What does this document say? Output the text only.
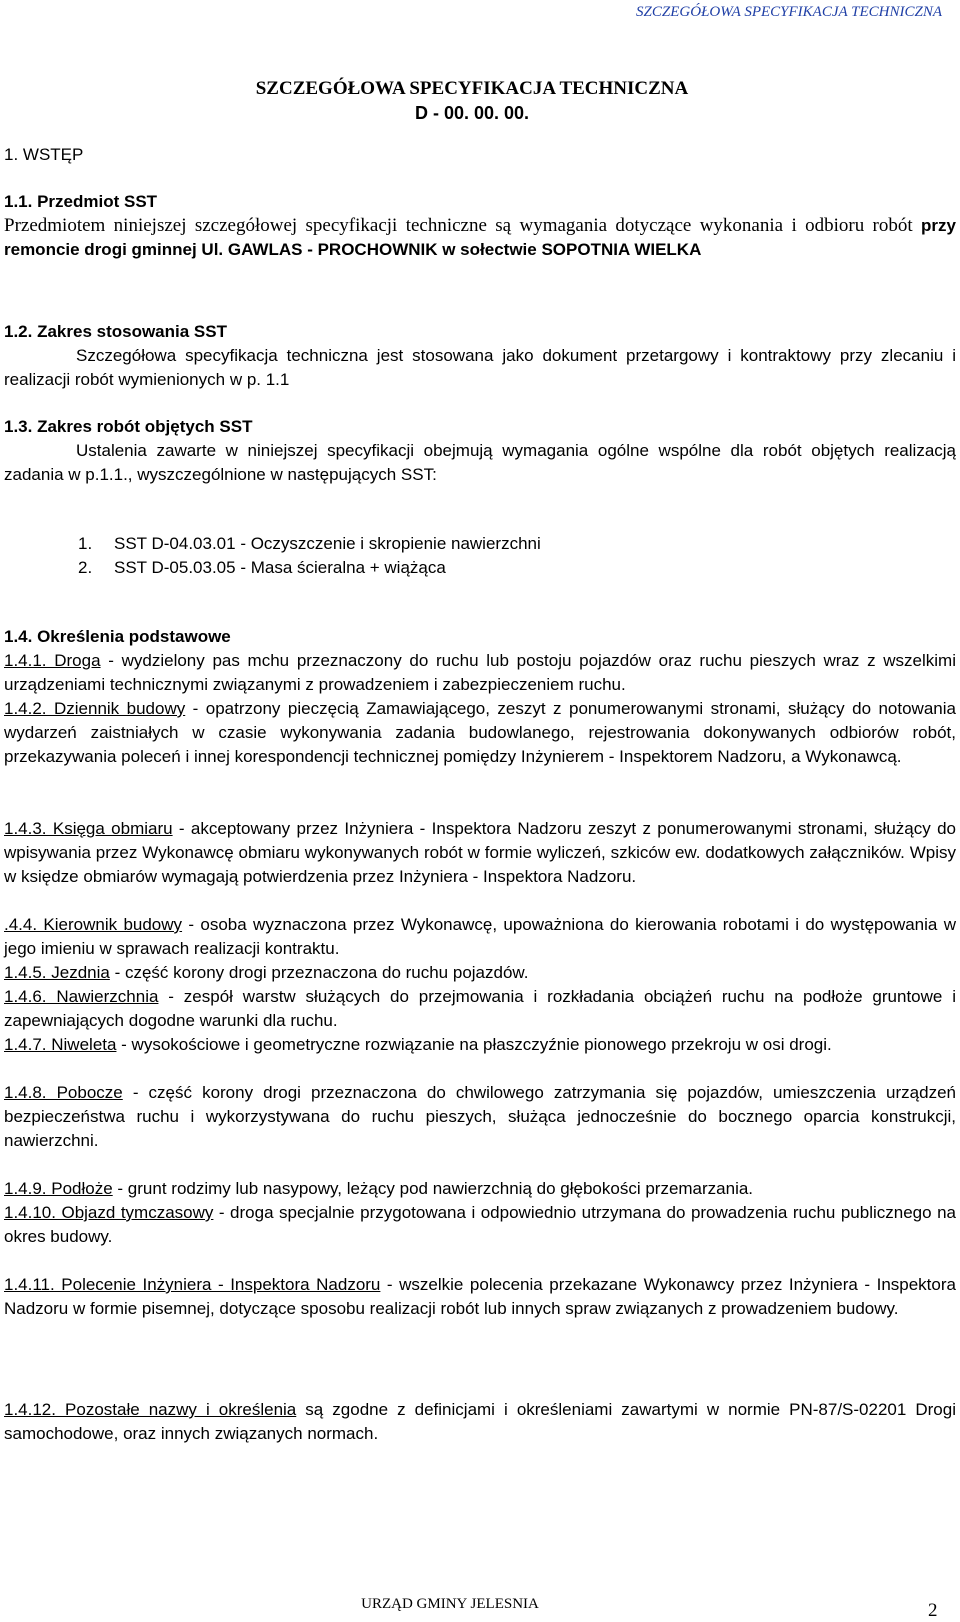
SZCZEGÓŁOWA SPECYFIKACJA TECHNICZNA
SZCZEGÓŁOWA SPECYFIKACJA TECHNICZNA
D - 00. 00. 00.
1. WSTĘP
1.1. Przedmiot SST
Przedmiotem niniejszej szczegółowej specyfikacji techniczne są wymagania dotyczące wykonania i odbioru robót przy remoncie drogi gminnej Ul. GAWLAS - PROCHOWNIK w sołectwie SOPOTNIA WIELKA
1.2. Zakres stosowania SST
Szczegółowa specyfikacja techniczna jest stosowana jako dokument przetargowy i kontraktowy przy zlecaniu i realizacji robót wymienionych w p. 1.1
1.3. Zakres robót objętych SST
Ustalenia zawarte w niniejszej specyfikacji obejmują wymagania ogólne wspólne dla robót objętych realizacją zadania w p.1.1., wyszczególnione w następujących SST:
1. SST D-04.03.01 - Oczyszczenie i skropienie nawierzchni
2. SST D-05.03.05 - Masa ścieralna + wiążąca
1.4. Określenia podstawowe
1.4.1. Droga - wydzielony pas mchu przeznaczony do ruchu lub postoju pojazdów oraz ruchu pieszych wraz z wszelkimi urządzeniami technicznymi związanymi z prowadzeniem i zabezpieczeniem ruchu.
1.4.2. Dziennik budowy - opatrzony pieczęcią Zamawiającego, zeszyt z ponumerowanymi stronami, służący do notowania wydarzeń zaistniałych w czasie wykonywania zadania budowlanego, rejestrowania dokonywanych odbiorów robót, przekazywania poleceń i innej korespondencji technicznej pomiędzy Inżynierem - Inspektorem Nadzoru, a Wykonawcą.
1.4.3. Księga obmiaru - akceptowany przez Inżyniera - Inspektora Nadzoru zeszyt z ponumerowanymi stronami, służący do wpisywania przez Wykonawcę obmiaru wykonywanych robót w formie wyliczeń, szkiców ew. dodatkowych załączników. Wpisy w księdze obmiarów wymagają potwierdzenia przez Inżyniera - Inspektora Nadzoru.
.4.4. Kierownik budowy - osoba wyznaczona przez Wykonawcę, upoważniona do kierowania robotami i do występowania w jego imieniu w sprawach realizacji kontraktu.
1.4.5. Jezdnia - część korony drogi przeznaczona do ruchu pojazdów.
1.4.6. Nawierzchnia - zespół warstw służących do przejmowania i rozkładania obciążeń ruchu na podłoże gruntowe i zapewniających dogodne warunki dla ruchu.
1.4.7. Niweleta - wysokościowe i geometryczne rozwiązanie na płaszczyźnie pionowego przekroju w osi drogi.
1.4.8. Pobocze - część korony drogi przeznaczona do chwilowego zatrzymania się pojazdów, umieszczenia urządzeń bezpieczeństwa ruchu i wykorzystywana do ruchu pieszych, służąca jednocześnie do bocznego oparcia konstrukcji, nawierzchni.
1.4.9. Podłoże - grunt rodzimy lub nasypowy, leżący pod nawierzchnią do głębokości przemarzania.
1.4.10. Objazd tymczasowy - droga specjalnie przygotowana i odpowiednio utrzymana do prowadzenia ruchu publicznego na okres budowy.
1.4.11. Polecenie Inżyniera - Inspektora Nadzoru - wszelkie polecenia przekazane Wykonawcy przez Inżyniera - Inspektora Nadzoru w formie pisemnej, dotyczące sposobu realizacji robót lub innych spraw związanych z prowadzeniem budowy.
1.4.12. Pozostałe nazwy i określenia są zgodne z definicjami i określeniami zawartymi w normie PN-87/S-02201 Drogi samochodowe, oraz innych związanych normach.
URZĄD GMINY JELESNIA	2
